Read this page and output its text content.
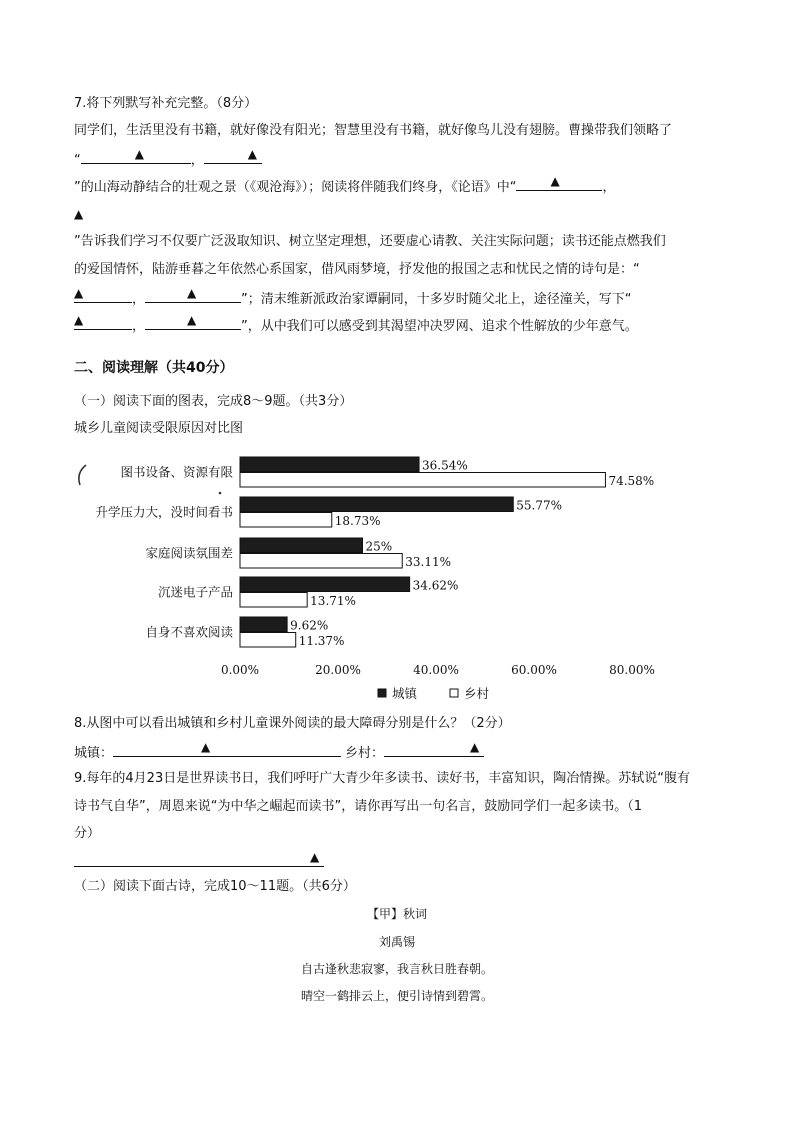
7.将下列默写补充完整。（8分）
同学们，生活里没有书籍，就好像没有阳光；智慧里没有书籍，就好像鸟儿没有翅膀。曹操带我们领略了
“	▲	，	▲
”的山海动静结合的壮观之景（《观沧海》）；阅读将伴随我们终身，《论语》中“	▲	，
▲
”告诉我们学习不仅要广泛汲取知识、树立坚定理想，还要虚心请教、关注实际问题；读书还能点燃我们
的爱国情怀，陆游垂暮之年依然心系国家，借风雨梦境，抒发他的报国之志和忧民之情的诗句是：“
▲	，	▲	”；清末维新派政治家谭嗣同，十多岁时随父北上，途径潼关，写下“
▲	，	▲	”，从中我们可以感受到其渴望冲决罗网、追求个性解放的少年意气。
二、阅读理解（共40分）
（一）阅读下面的图表，完成8～9题。（共3分）
城乡儿童阅读受限原因对比图
图书设备、资源有限
升学压力大，没时间看书
家庭阅读氛围差
沉迷电子产品
自身不喜欢阅读
36.54%
74.58%
55.77%
18.73%
25%
33.11%
34.62%
13.71%
9.62%
11.37%
0.00%	20.00%	40.00%	60.00%	80.00%
城镇	乡村
8.从图中可以看出城镇和乡村儿童课外阅读的最大障碍分别是什么？（2分）
城镇：	▲	乡村：	▲
9.每年的4月23日是世界读书日，我们呼吁广大青少年多读书、读好书，丰富知识，陶冶情操。苏轼说“腹有
诗书气自华”，周恩来说“为中华之崛起而读书”，请你再写出一句名言，鼓励同学们一起多读书。（1
分）
▲
（二）阅读下面古诗，完成10～11题。（共6分）
【甲】秋词
刘禹锡
自古逢秋悲寂寥，我言秋日胜春朝。
晴空一鹤排云上，便引诗情到碧霄。
